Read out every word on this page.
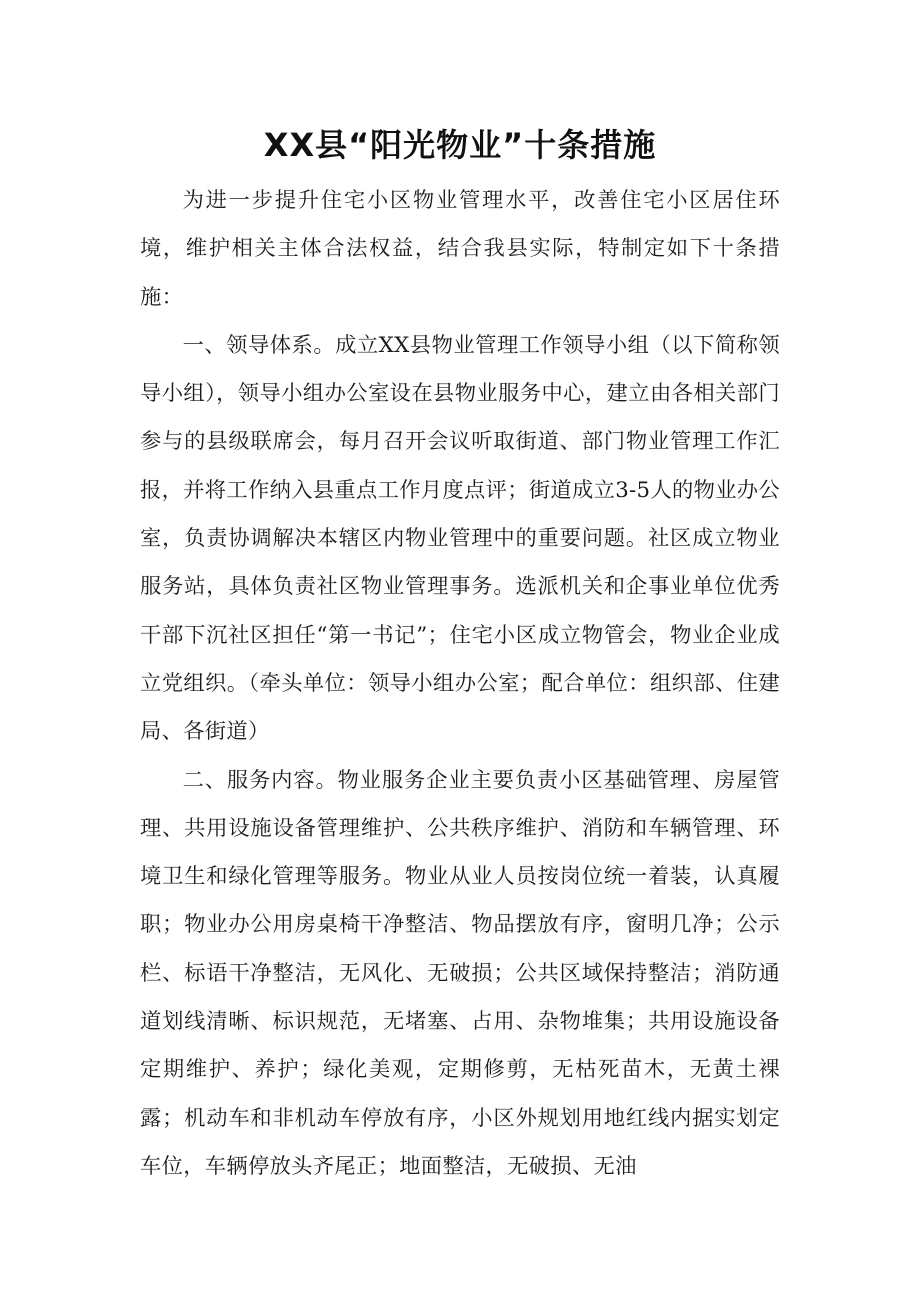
XX县“阳光物业”十条措施

为进一步提升住宅小区物业管理水平，改善住宅小区居住环境，维护相关主体合法权益，结合我县实际，特制定如下十条措施：

一、领导体系。成立XX县物业管理工作领导小组（以下简称领导小组），领导小组办公室设在县物业服务中心，建立由各相关部门参与的县级联席会，每月召开会议听取街道、部门物业管理工作汇报，并将工作纳入县重点工作月度点评；街道成立3-5人的物业办公室，负责协调解决本辖区内物业管理中的重要问题。社区成立物业服务站，具体负责社区物业管理事务。选派机关和企事业单位优秀干部下沉社区担任“第一书记”；住宅小区成立物管会，物业企业成立党组织。（牵头单位：领导小组办公室；配合单位：组织部、住建局、各街道）

二、服务内容。物业服务企业主要负责小区基础管理、房屋管理、共用设施设备管理维护、公共秩序维护、消防和车辆管理、环境卫生和绿化管理等服务。物业从业人员按岗位统一着装，认真履职；物业办公用房桌椅干净整洁、物品摆放有序，窗明几净；公示栏、标语干净整洁，无风化、无破损；公共区域保持整洁；消防通道划线清晰、标识规范，无堵塞、占用、杂物堆集；共用设施设备定期维护、养护；绿化美观，定期修剪，无枯死苗木，无黄土裸露；机动车和非机动车停放有序，小区外规划用地红线内据实划定车位，车辆停放头齐尾正；地面整洁，无破损、无油
